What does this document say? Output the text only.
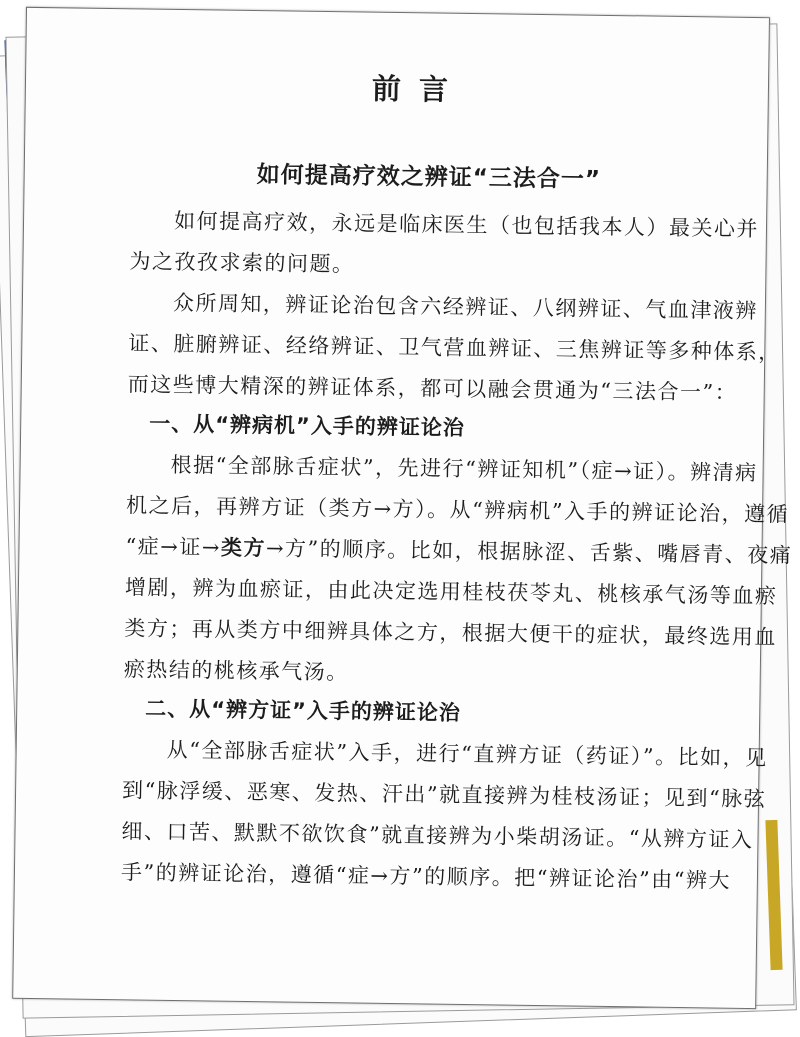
前言
如何提高疗效之辨证“三法合一”
如何提高疗效，永远是临床医生（也包括我本人）最关心并
为之孜孜求索的问题。
众所周知，辨证论治包含六经辨证、八纲辨证、气血津液辨
证、脏腑辨证、经络辨证、卫气营血辨证、三焦辨证等多种体系，
而这些博大精深的辨证体系，都可以融会贯通为“三法合一”：
一、从“辨病机”入手的辨证论治
根据“全部脉舌症状”，先进行“辨证知机”（症→证）。辨清病
机之后，再辨方证（类方→方）。从“辨病机”入手的辨证论治，遵循
“症→证→类方→方”的顺序。比如，根据脉涩、舌紫、嘴唇青、夜痛
增剧，辨为血瘀证，由此决定选用桂枝茯苓丸、桃核承气汤等血瘀
类方；再从类方中细辨具体之方，根据大便干的症状，最终选用血
瘀热结的桃核承气汤。
二、从“辨方证”入手的辨证论治
从“全部脉舌症状”入手，进行“直辨方证（药证）”。比如，见
到“脉浮缓、恶寒、发热、汗出”就直接辨为桂枝汤证；见到“脉弦
细、口苦、默默不欲饮食”就直接辨为小柴胡汤证。“从辨方证入
手”的辨证论治，遵循“症→方”的顺序。把“辨证论治”由“辨大
